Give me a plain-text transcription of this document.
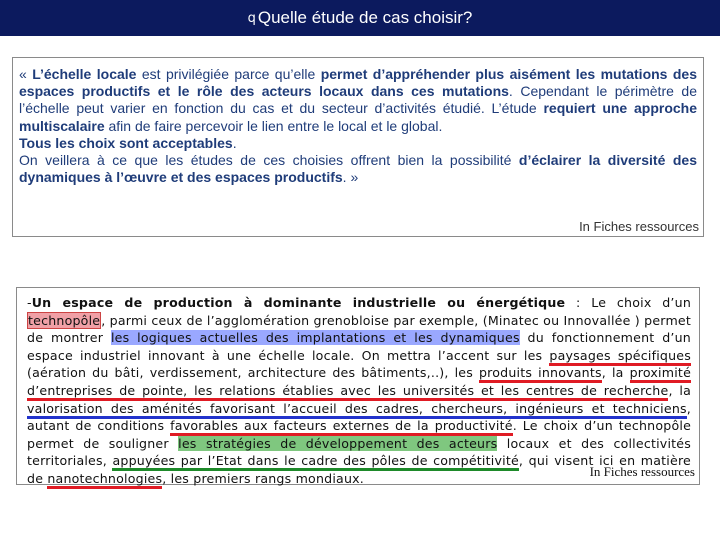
q Quelle étude de cas choisir?
« L’échelle locale est privilégiée parce qu’elle permet d’appréhender plus aisément les mutations des espaces productifs et le rôle des acteurs locaux dans ces mutations. Cependant le périmètre de l’échelle peut varier en fonction du cas et du secteur d’activités étudié. L’étude requiert une approche multiscalaire afin de faire percevoir le lien entre le local et le global.
Tous les choix sont acceptables.
On veillera à ce que les études de ces choisies offrent bien la possibilité d’éclairer la diversité des dynamiques à l’œuvre et des espaces productifs. »
In Fiches ressources
-Un espace de production à dominante industrielle ou énergétique : Le choix d’un technopôle, parmi ceux de l’agglomération grenobloise par exemple, (Minatec ou Innovallée ) permet de montrer les logiques actuelles des implantations et les dynamiques du fonctionnement d’un espace industriel innovant à une échelle locale. On mettra l’accent sur les paysages spécifiques (aération du bâti, verdissement, architecture des bâtiments,..), les produits innovants, la proximité d’entreprises de pointe, les relations établies avec les universités et les centres de recherche, la valorisation des aménités favorisant l’accueil des cadres, chercheurs, ingénieurs et techniciens, autant de conditions favorables aux facteurs externes de la productivité. Le choix d’un technopôle permet de souligner les stratégies de développement des acteurs locaux et des collectivités territoriales, appuyées par l’Etat dans le cadre des pôles de compétitivité, qui visent ici en matière de nanotechnologies, les premiers rangs mondiaux.	In Fiches ressources
